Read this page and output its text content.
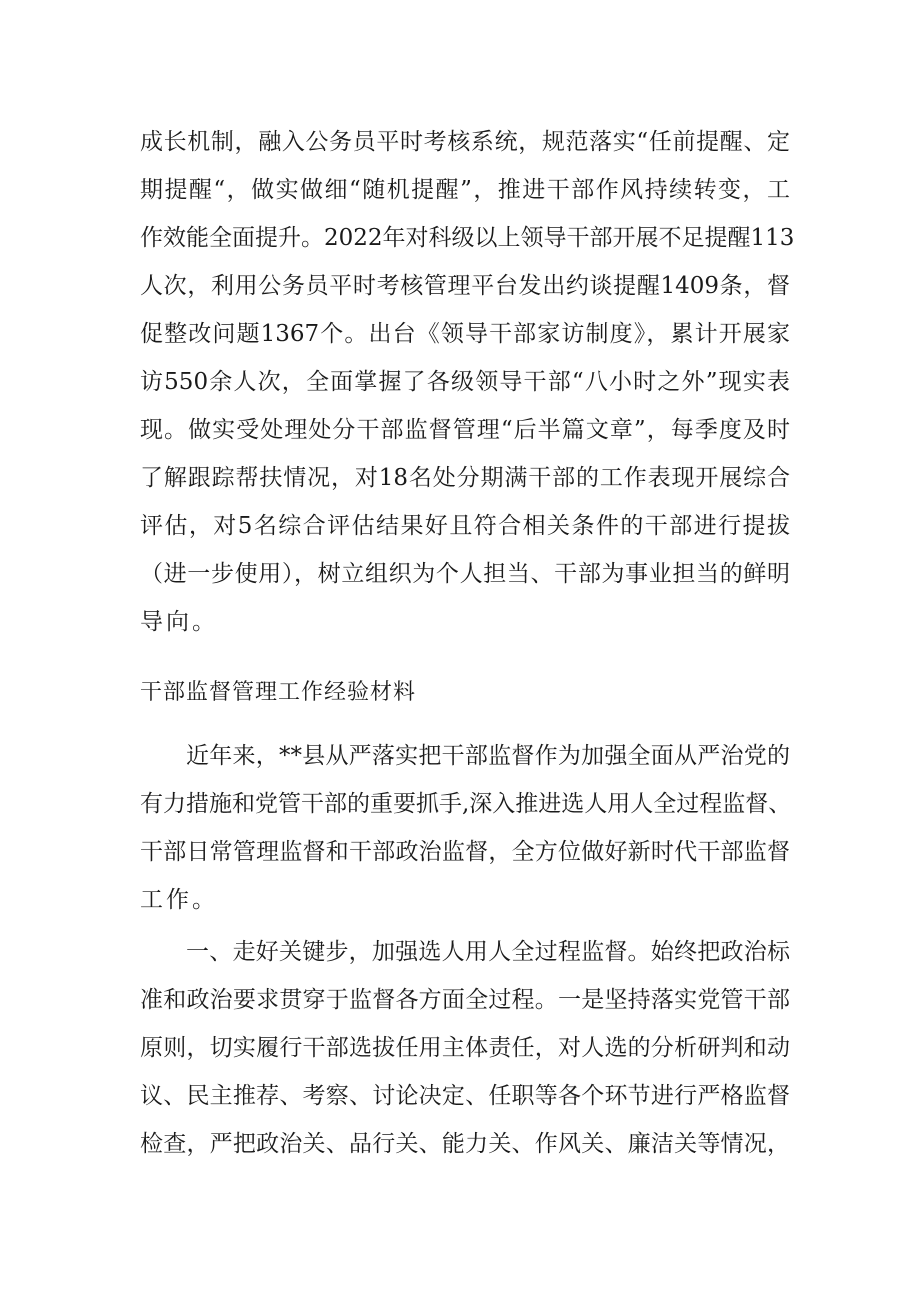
成长机制，融入公务员平时考核系统，规范落实“任前提醒、定
期提醒“，做实做细“随机提醒”，推进干部作风持续转变，工
作效能全面提升。2022年对科级以上领导干部开展不足提醒113
人次，利用公务员平时考核管理平台发出约谈提醒1409条，督
促整改问题1367个。出台《领导干部家访制度》，累计开展家
访550余人次，全面掌握了各级领导干部“八小时之外”现实表
现。做实受处理处分干部监督管理“后半篇文章”，每季度及时
了解跟踪帮扶情况，对18名处分期满干部的工作表现开展综合
评估，对5名综合评估结果好且符合相关条件的干部进行提拔
（进一步使用），树立组织为个人担当、干部为事业担当的鲜明
导向。
干部监督管理工作经验材料
近年来，**县从严落实把干部监督作为加强全面从严治党的
有力措施和党管干部的重要抓手,深入推进选人用人全过程监督、
干部日常管理监督和干部政治监督，全方位做好新时代干部监督
工作。
一、走好关键步，加强选人用人全过程监督。始终把政治标
准和政治要求贯穿于监督各方面全过程。一是坚持落实党管干部
原则，切实履行干部选拔任用主体责任，对人选的分析研判和动
议、民主推荐、考察、讨论决定、任职等各个环节进行严格监督
检查，严把政治关、品行关、能力关、作风关、廉洁关等情况，
